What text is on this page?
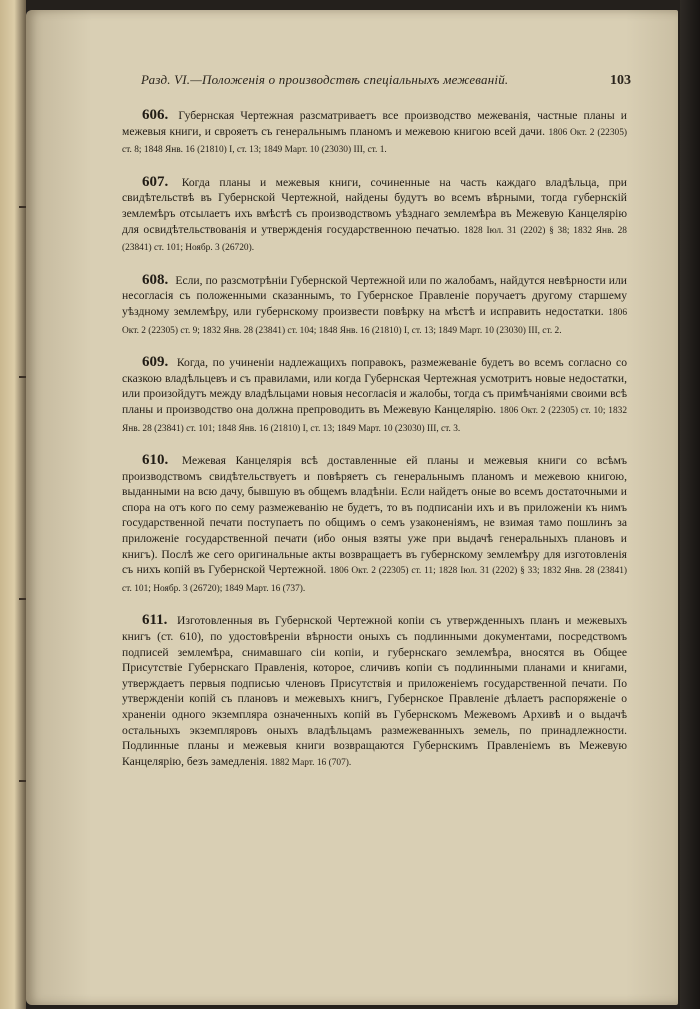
Разд. VI.—Положенія о производствѣ спеціальныхъ межеваній.	103

606. Губернская Чертежная разсматриваетъ все производство межеванія, частные планы и межевыя книги, и сврояетъ съ генеральнымъ планомъ и межевою книгою всей дачи. 1806 Окт. 2 (22305) ст. 8; 1848 Янв. 16 (21810) I, ст. 13; 1849 Март. 10 (23030) III, ст. 1.

607. Когда планы и межевыя книги, сочиненные на часть каждаго владѣльца, при свидѣтельствѣ въ Губернской Чертежной, найдены будутъ во всемъ вѣрными, тогда губернскій землемѣръ отсылаетъ ихъ вмѣстѣ съ производствомъ уѣзднаго землемѣра въ Межевую Канцелярію для освидѣтельствованія и утвержденія государственною печатью. 1828 Іюл. 31 (2202) § 38; 1832 Янв. 28 (23841) ст. 101; Ноябр. 3 (26720).

608. Если, по разсмотрѣніи Губернской Чертежной или по жалобамъ, найдутся невѣрности или несогласія съ положенными сказаннымъ, то Губернское Правленіе поручаетъ другому старшему уѣздному землемѣру, или губернскому произвести повѣрку на мѣстѣ и исправить недостатки. 1806 Окт. 2 (22305) ст. 9; 1832 Янв. 28 (23841) ст. 104; 1848 Янв. 16 (21810) I, ст. 13; 1849 Март. 10 (23030) III, ст. 2.

609. Когда, по учиненіи надлежащихъ поправокъ, размежеваніе будетъ во всемъ согласно со сказкою владѣльцевъ и съ правилами, или когда Губернская Чертежная усмотритъ новые недостатки, или произойдутъ между владѣльцами новыя несогласія и жалобы, тогда съ примѣчаніями своими всѣ планы и производство она должна препроводить въ Межевую Канцелярію. 1806 Окт. 2 (22305) ст. 10; 1832 Янв. 28 (23841) ст. 101; 1848 Янв. 16 (21810) I, ст. 13; 1849 Март. 10 (23030) III, ст. 3.

610. Межевая Канцелярія всѣ доставленные ей планы и межевыя книги со всѣмъ производствомъ свидѣтельствуетъ и повѣряетъ съ генеральнымъ планомъ и межевою книгою, выданными на всю дачу, бывшую въ общемъ владѣніи. Если найдетъ оные во всемъ достаточными и спора на отъ кого по сему размежеванію не будетъ, то въ подписаніи ихъ и въ приложеніи къ нимъ государственной печати поступаетъ по общимъ о семъ узаконеніямъ, не взимая тамо пошлинъ за приложеніе государственной печати (ибо оныя взяты уже при выдачѣ генеральныхъ плановъ и книгъ). Послѣ же сего оригинальные акты возвращаетъ въ губернскому землемѣру для изготовленія съ нихъ копій въ Губернской Чертежной. 1806 Окт. 2 (22305) ст. 11; 1828 Іюл. 31 (2202) § 33; 1832 Янв. 28 (23841) ст. 101; Ноябр. 3 (26720); 1849 Март. 16 (737).

611. Изготовленныя въ Губернской Чертежной копіи съ утвержденныхъ планъ и межевыхъ книгъ (ст. 610), по удостовѣреніи вѣрности оныхъ съ подлинными документами, посредствомъ подписей землемѣра, снимавшаго сіи копіи, и губернскаго землемѣра, вносятся въ Общее Присутствіе Губернскаго Правленія, которое, сличивъ копіи съ подлинными планами и книгами, утверждаетъ первыя подписью членовъ Присутствія и приложеніемъ государственной печати. По утвержденіи копій съ плановъ и межевыхъ книгъ, Губернское Правленіе дѣлаетъ распоряженіе о храненіи одного экземпляра означенныхъ копій въ Губернскомъ Межевомъ Архивѣ и о выдачѣ остальныхъ экземпляровъ оныхъ владѣльцамъ размежеванныхъ земель, по принадлежности. Подлинные планы и межевыя книги возвращаются Губернскимъ Правленіемъ въ Межевую Канцелярію, безъ замедленія. 1882 Март. 16 (707).
